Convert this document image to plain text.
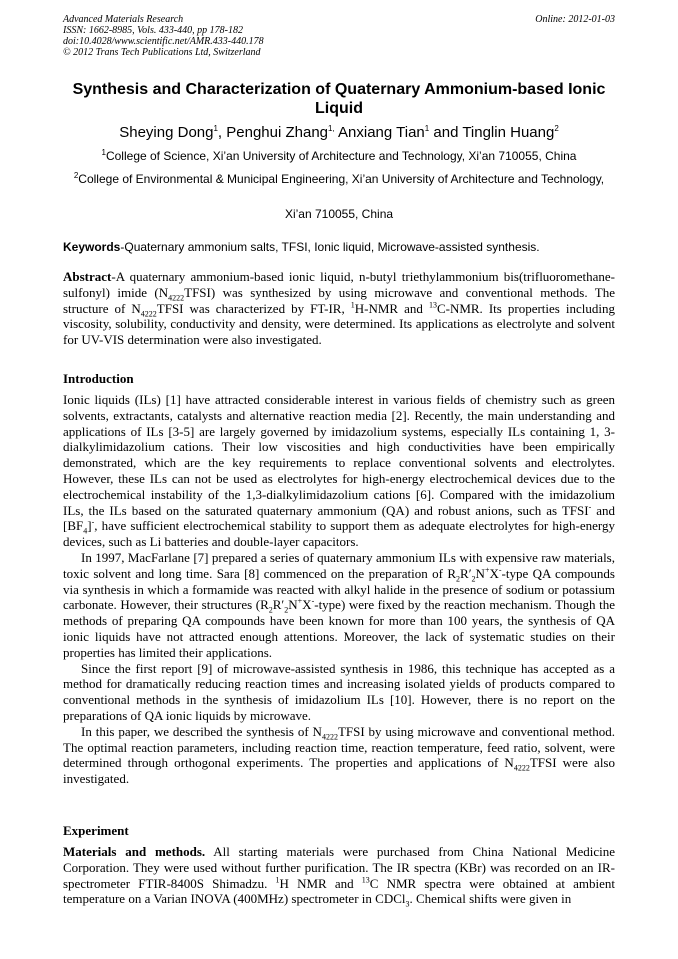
Advanced Materials Research
ISSN: 1662-8985, Vols. 433-440, pp 178-182
doi:10.4028/www.scientific.net/AMR.433-440.178
© 2012 Trans Tech Publications Ltd, Switzerland
Online: 2012-01-03
Synthesis and Characterization of Quaternary Ammonium-based Ionic Liquid
Sheying Dong$^1$, Penghui Zhang$^{1,}$ Anxiang Tian$^1$ and Tinglin Huang$^2$
$^1$College of Science, Xi’an University of Architecture and Technology, Xi’an 710055, China
$^2$College of Environmental & Municipal Engineering, Xi’an University of Architecture and Technology,
Xi’an 710055, China
Keywords-Quaternary ammonium salts, TFSI, Ionic liquid, Microwave-assisted synthesis.
Abstract-A quaternary ammonium-based ionic liquid, n-butyl triethylammonium bis(trifluoromethane-sulfonyl) imide $(N_{4222}TFSI)$ was synthesized by using microwave and conventional methods. The structure of $N_{4222}TFSI$ was characterized by FT-IR, $^1$H-NMR and $^{13}$C-NMR. Its properties including viscosity, solubility, conductivity and density, were determined. Its applications as electrolyte and solvent for UV-VIS determination were also investigated.
Introduction

Ionic liquids (ILs) [1] have attracted considerable interest in various fields of chemistry such as green solvents, extractants, catalysts and alternative reaction media [2]. Recently, the main understanding and applications of ILs [3-5] are largely governed by imidazolium systems, especially ILs containing 1, 3-dialkylimidazolium cations. Their low viscosities and high conductivities have been empirically demonstrated, which are the key requirements to replace conventional solvents and electrolytes. However, these ILs can not be used as electrolytes for high-energy electrochemical devices due to the electrochemical instability of the 1,3-dialkylimidazolium cations [6]. Compared with the imidazolium ILs, the ILs based on the saturated quaternary ammonium (QA) and robust anions, such as TFSI- and $[BF_4]^-$, have sufficient electrochemical stability to support them as adequate electrolytes for high-energy devices, such as Li batteries and double-layer capacitors.

In 1997, MacFarlane [7] prepared a series of quaternary ammonium ILs with expensive raw materials, toxic solvent and long time. Sara [8] commenced on the preparation of $R_2R'_2N^+X^-$-type QA compounds via synthesis in which a formamide was reacted with alkyl halide in the presence of sodium or potassium carbonate. However, their structures $(R_2R'_2N^+X^--type)$ were fixed by the reaction mechanism. Though the methods of preparing QA compounds have been known for more than 100 years, the synthesis of QA ionic liquids have not attracted enough attentions. Moreover, the lack of systematic studies on their properties has limited their applications.

Since the first report [9] of microwave-assisted synthesis in 1986, this technique has accepted as a method for dramatically reducing reaction times and increasing isolated yields of products compared to conventional methods in the synthesis of imidazolium ILs [10]. However, there is no report on the preparations of QA ionic liquids by microwave.

In this paper, we described the synthesis of $N_{4222}TFSI$ by using microwave and conventional method. The optimal reaction parameters, including reaction time, reaction temperature, feed ratio, solvent, were determined through orthogonal experiments. The properties and applications of $N_{4222}TFSI$ were also investigated.

Experiment

Materials and methods. All starting materials were purchased from China National Medicine Corporation. They were used without further purification. The IR spectra (KBr) was recorded on an IR-spectrometer FTIR-8400S Shimadzu. $^1$H NMR and $^{13}$C NMR spectra were obtained at ambient temperature on a Varian INOVA (400MHz) spectrometer in CDCl$_3$. Chemical shifts were given in
